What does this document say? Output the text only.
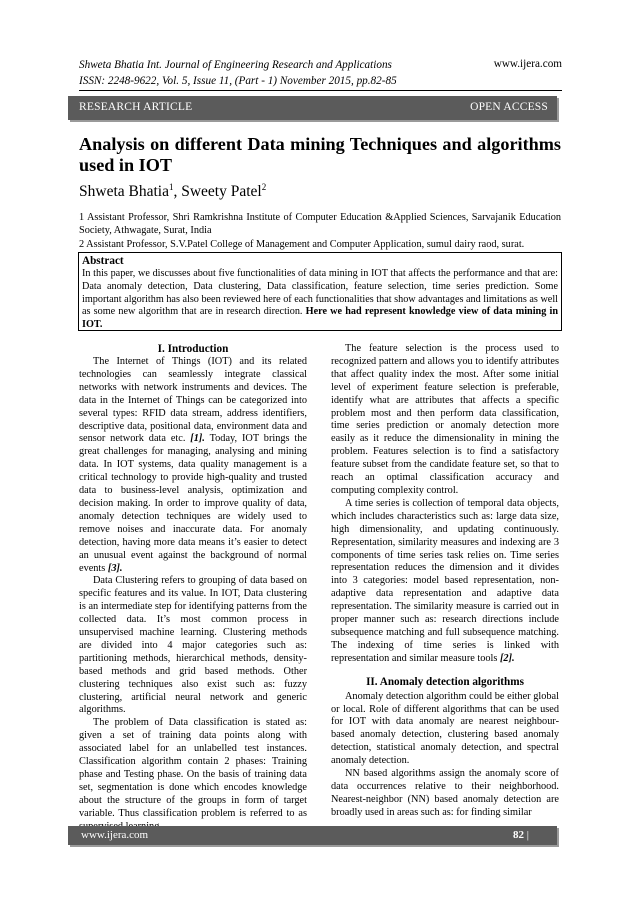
Shweta Bhatia Int. Journal of Engineering Research and Applications
ISSN: 2248-9622, Vol. 5, Issue 11, (Part - 1) November 2015, pp.82-85
www.ijera.com
RESEARCH ARTICLE	OPEN ACCESS
Analysis on different Data mining Techniques and algorithms used in IOT
Shweta Bhatia$^1$, Sweety Patel$^2$
1 Assistant Professor, Shri Ramkrishna Institute of Computer Education &Applied Sciences, Sarvajanik Education Society, Athwagate, Surat, India
2 Assistant Professor, S.V.Patel College of Management and Computer Application, sumul dairy raod, surat.
Abstract
In this paper, we discusses about five functionalities of data mining in IOT that affects the performance and that are: Data anomaly detection, Data clustering, Data classification, feature selection, time series prediction. Some important algorithm has also been reviewed here of each functionalities that show advantages and limitations as well as some new algorithm that are in research direction. Here we had represent knowledge view of data mining in IOT.
I. Introduction

The Internet of Things (IOT) and its related technologies can seamlessly integrate classical networks with network instruments and devices. The data in the Internet of Things can be categorized into several types: RFID data stream, address identifiers, descriptive data, positional data, environment data and sensor network data etc. [1]. Today, IOT brings the great challenges for managing, analysing and mining data. In IOT systems, data quality management is a critical technology to provide high-quality and trusted data to business-level analysis, optimization and decision making. In order to improve quality of data, anomaly detection techniques are widely used to remove noises and inaccurate data. For anomaly detection, having more data means it’s easier to detect an unusual event against the background of normal events [3].

Data Clustering refers to grouping of data based on specific features and its value. In IOT, Data clustering is an intermediate step for identifying patterns from the collected data. It’s most common process in unsupervised machine learning. Clustering methods are divided into 4 major categories such as: partitioning methods, hierarchical methods, density-based methods and grid based methods. Other clustering techniques also exist such as: fuzzy clustering, artificial neural network and generic algorithms.

The problem of Data classification is stated as: given a set of training data points along with associated label for an unlabelled test instances. Classification algorithm contain 2 phases: Training phase and Testing phase. On the basis of training data set, segmentation is done which encodes knowledge about the structure of the groups in form of target variable. Thus classification problem is referred to as

The feature selection is the process used to recognized pattern and allows you to identify attributes that affect quality index the most. After some initial level of experiment feature selection is preferable, identify what are attributes that affects a specific problem most and then perform data classification, time series prediction or anomaly detection more easily as it reduce the dimensionality in mining the problem. Features selection is to find a satisfactory feature subset from the candidate feature set, so that to reach an optimal classification accuracy and computing complexity control.

A time series is collection of temporal data objects, which includes characteristics such as: large data size, high dimensionality, and updating continuously. Representation, similarity measures and indexing are 3 components of time series task relies on. Time series representation reduces the dimension and it divides into 3 categories: model based representation, non-adaptive data representation and adaptive data representation. The similarity measure is carried out in proper manner such as: research directions include subsequence matching and full subsequence matching. The indexing of time series is linked with representation and similar measure tools [2].

II. Anomaly detection algorithms

Anomaly detection algorithm could be either global or local. Role of different algorithms that can be used for IOT with data anomaly are nearest neighbour-based anomaly detection, clustering based anomaly detection, statistical anomaly detection, and spectral anomaly detection.

NN based algorithms assign the anomaly score of data occurrences relative to their neighborhood. Nearest-neighbor (NN) based anomaly detection are broadly used in areas such as: for finding similar

www.ijera.com	82 |
